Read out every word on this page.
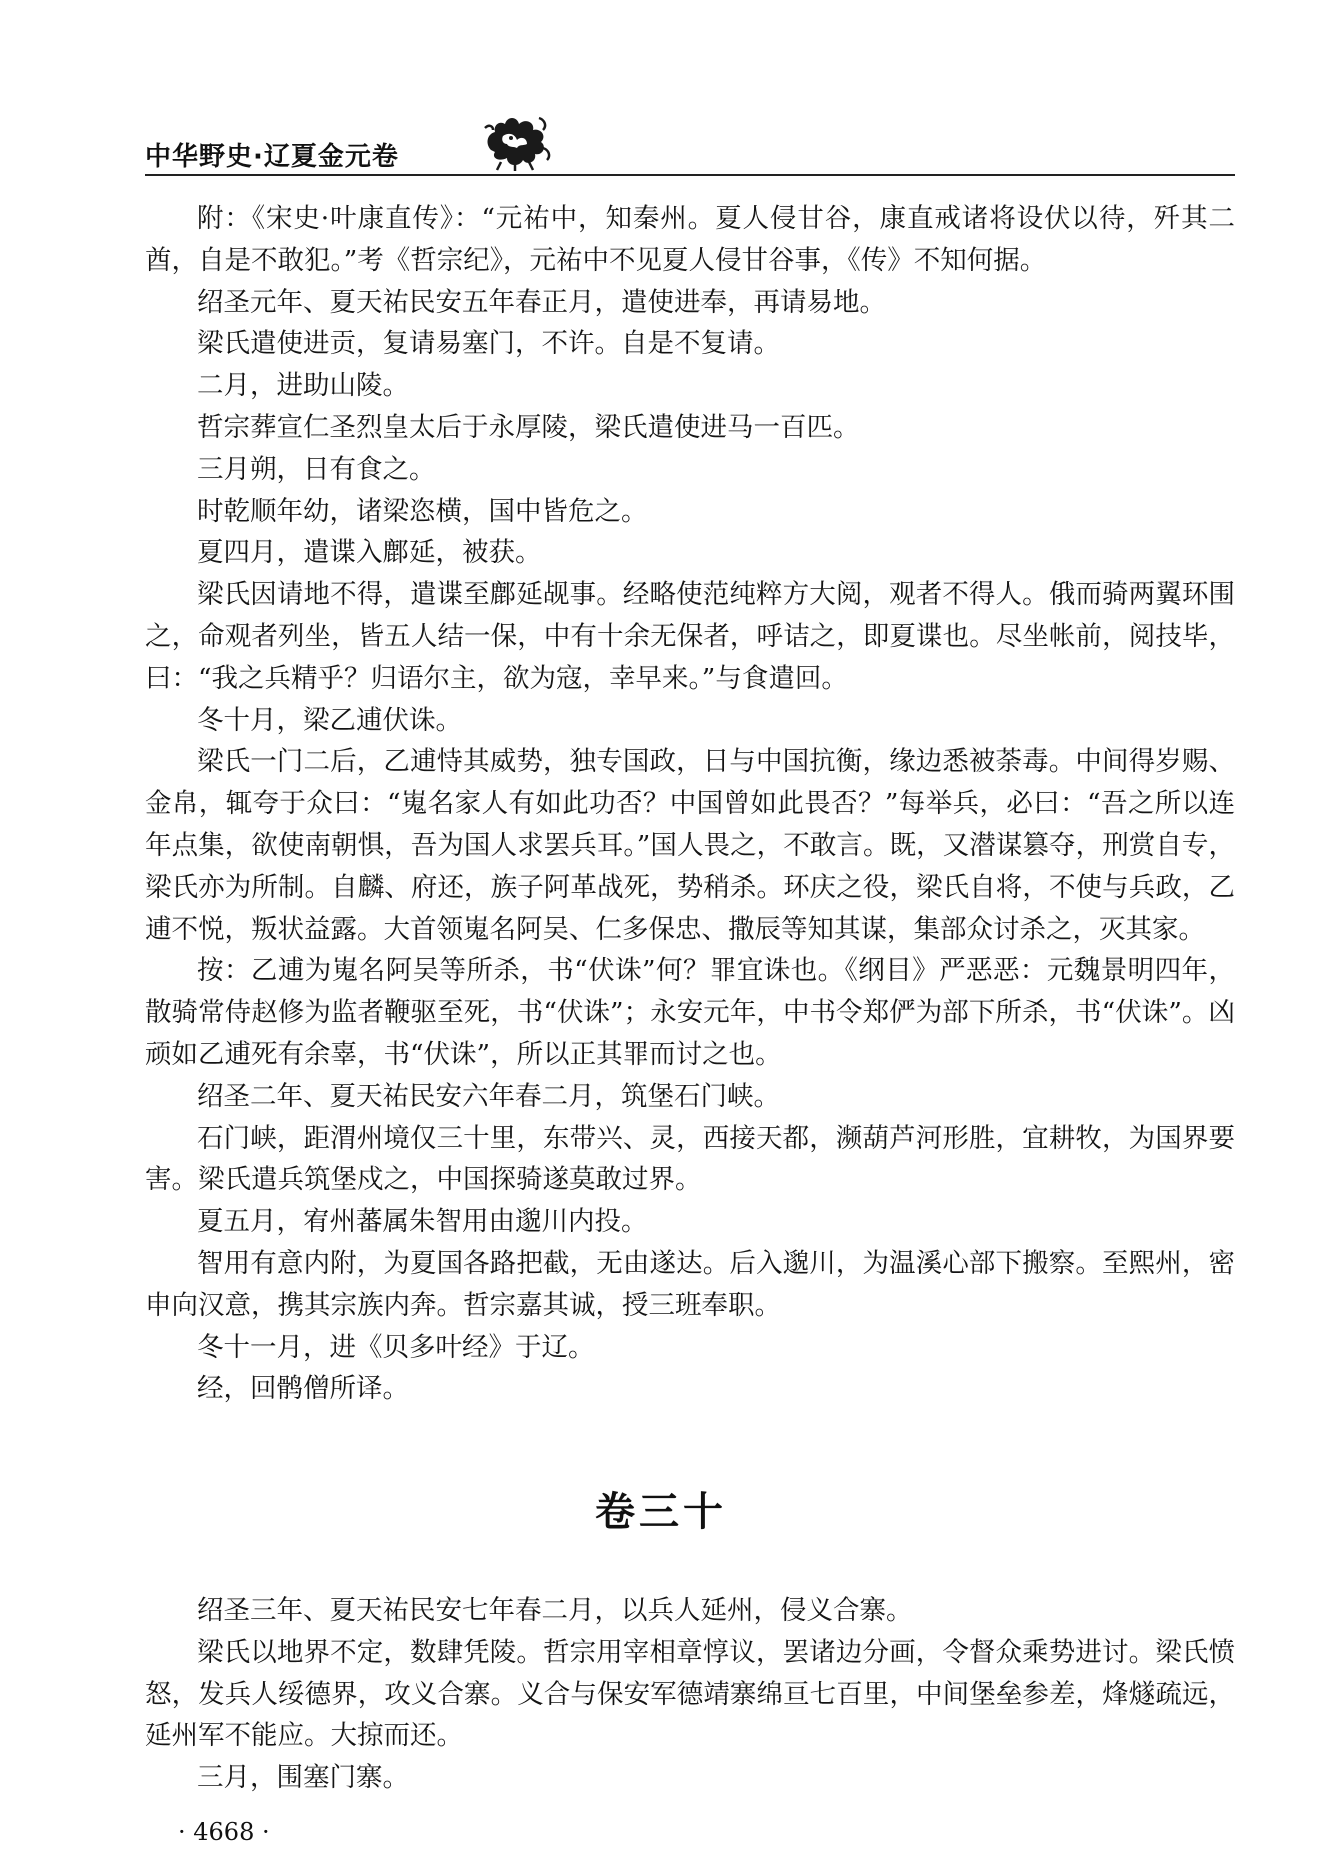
中华野史·辽夏金元卷

附：《宋史·叶康直传》：“元祐中，知秦州。夏人侵甘谷，康直戒诸将设伏以待，歼其二酋，自是不敢犯。”考《哲宗纪》，元祐中不见夏人侵甘谷事，《传》不知何据。

绍圣元年、夏天祐民安五年春正月，遣使进奉，再请易地。

梁氏遣使进贡，复请易塞门，不许。自是不复请。

二月，进助山陵。

哲宗葬宣仁圣烈皇太后于永厚陵，梁氏遣使进马一百匹。

三月朔，日有食之。

时乾顺年幼，诸梁恣横，国中皆危之。

夏四月，遣谍入鄜延，被获。

梁氏因请地不得，遣谍至鄜延觇事。经略使范纯粹方大阅，观者不得人。俄而骑两翼环围之，命观者列坐，皆五人结一保，中有十余无保者，呼诘之，即夏谍也。尽坐帐前，阅技毕，曰：“我之兵精乎？归语尔主，欲为寇，幸早来。”与食遣回。

冬十月，梁乙逋伏诛。

梁氏一门二后，乙逋恃其威势，独专国政，日与中国抗衡，缘边悉被荼毒。中间得岁赐、金帛，辄夸于众曰：“嵬名家人有如此功否？中国曾如此畏否？”每举兵，必曰：“吾之所以连年点集，欲使南朝惧，吾为国人求罢兵耳。”国人畏之，不敢言。既，又潜谋篡夺，刑赏自专，梁氏亦为所制。自麟、府还，族子阿革战死，势稍杀。环庆之役，梁氏自将，不使与兵政，乙逋不悦，叛状益露。大首领嵬名阿吴、仁多保忠、撒辰等知其谋，集部众讨杀之，灭其家。

按：乙逋为嵬名阿吴等所杀，书“伏诛”何？罪宜诛也。《纲目》严恶恶：元魏景明四年，散骑常侍赵修为监者鞭驱至死，书“伏诛”；永安元年，中书令郑俨为部下所杀，书“伏诛”。凶顽如乙逋死有余辜，书“伏诛”，所以正其罪而讨之也。

绍圣二年、夏天祐民安六年春二月，筑堡石门峡。

石门峡，距渭州境仅三十里，东带兴、灵，西接天都，濒葫芦河形胜，宜耕牧，为国界要害。梁氏遣兵筑堡戍之，中国探骑遂莫敢过界。

夏五月，宥州蕃属朱智用由邈川内投。

智用有意内附，为夏国各路把截，无由遂达。后入邈川，为温溪心部下搬察。至熙州，密申向汉意，携其宗族内奔。哲宗嘉其诚，授三班奉职。

冬十一月，进《贝多叶经》于辽。

经，回鹘僧所译。

卷三十

绍圣三年、夏天祐民安七年春二月，以兵人延州，侵义合寨。

梁氏以地界不定，数肆凭陵。哲宗用宰相章惇议，罢诸边分画，令督众乘势进讨。梁氏愤怒，发兵人绥德界，攻义合寨。义合与保安军德靖寨绵亘七百里，中间堡垒参差，烽燧疏远，延州军不能应。大掠而还。

三月，围塞门寨。

· 4668 ·
